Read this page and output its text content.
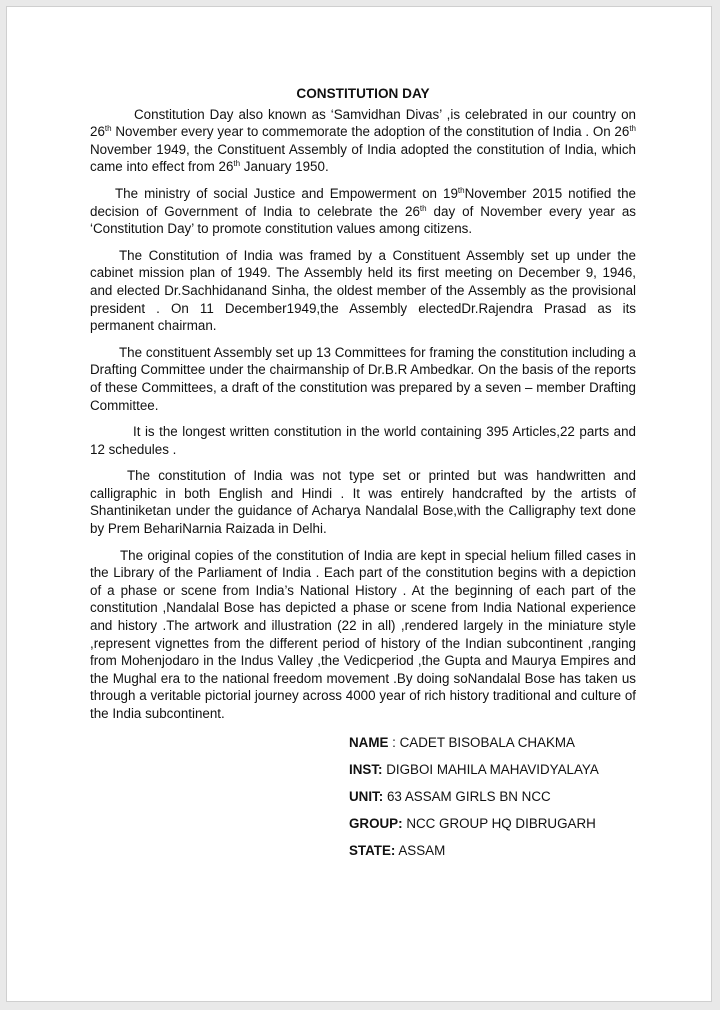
CONSTITUTION DAY

Constitution Day also known as ‘Samvidhan Divas’ ,is celebrated in our country on 26th November every year to commemorate the adoption of the constitution of India . On 26th November 1949, the Constituent Assembly of India adopted the constitution of India, which came into effect from 26th January 1950.

The ministry of social Justice and Empowerment on 19thNovember 2015 notified the decision of Government of India to celebrate the 26th day of November every year as ‘Constitution Day’ to promote constitution values among citizens.

The Constitution of India was framed by a Constituent Assembly set up under the cabinet mission plan of 1949. The Assembly held its first meeting on December 9, 1946, and elected Dr.Sachhidanand Sinha, the oldest member of the Assembly as the provisional president . On 11 December1949,the Assembly electedDr.Rajendra Prasad as its permanent chairman.

The constituent Assembly set up 13 Committees for framing the constitution including a Drafting Committee under the chairmanship of Dr.B.R Ambedkar. On the basis of the reports of these Committees, a draft of the constitution was prepared by a seven – member Drafting Committee.

It is the longest written constitution in the world containing 395 Articles,22 parts and 12 schedules .

The constitution of India was not type set or printed but was handwritten and calligraphic in both English and Hindi . It was entirely handcrafted by the artists of Shantiniketan under the guidance of Acharya Nandalal Bose,with the Calligraphy text done by Prem BehariNarnia Raizada in Delhi.

The original copies of the constitution of India are kept in special helium filled cases in the Library of the Parliament of India . Each part of the constitution begins with a depiction of a phase or scene from India’s National History . At the beginning of each part of the constitution ,Nandalal Bose has depicted a phase or scene from India National experience and history .The artwork and illustration (22 in all) ,rendered largely in the miniature style ,represent vignettes from the different period of history of the Indian subcontinent ,ranging from Mohenjodaro in the Indus Valley ,the Vedicperiod ,the Gupta and Maurya Empires and the Mughal era to the national freedom movement .By doing soNandalal Bose has taken us through a veritable pictorial journey across 4000 year of rich history traditional and culture of the India subcontinent.

NAME : CADET BISOBALA CHAKMA
INST: DIGBOI MAHILA MAHAVIDYALAYA
UNIT: 63 ASSAM GIRLS BN NCC
GROUP: NCC GROUP HQ DIBRUGARH
STATE: ASSAM
